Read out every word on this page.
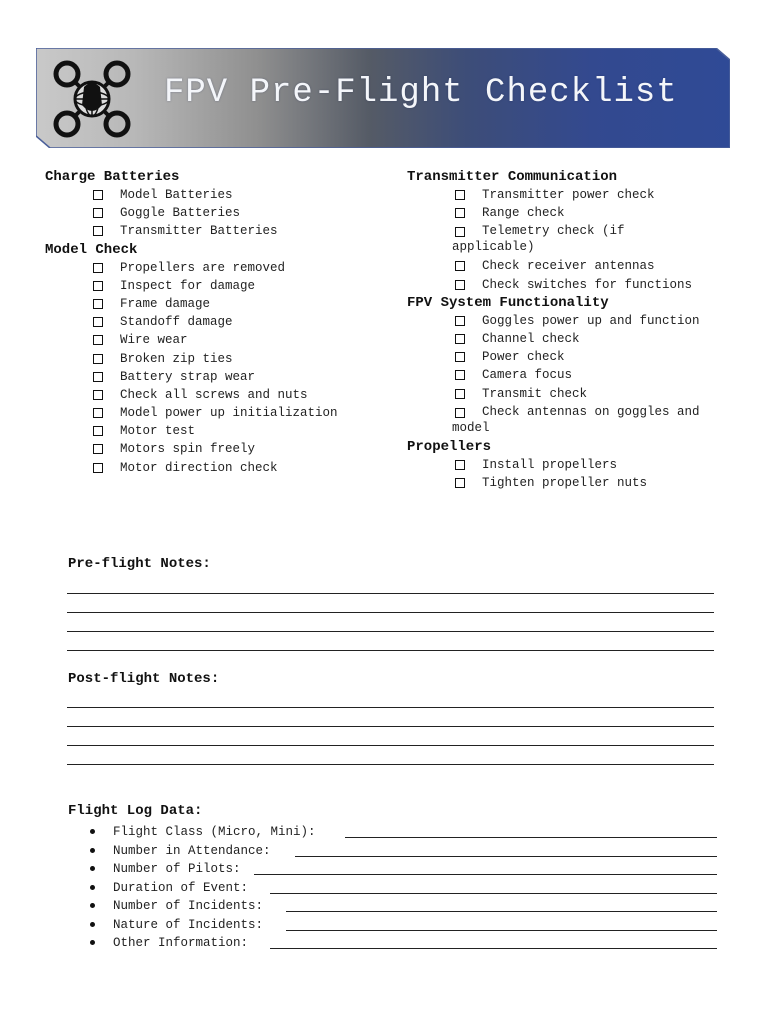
FPV Pre-Flight Checklist
Charge Batteries
Model Batteries
Goggle Batteries
Transmitter Batteries
Model Check
Propellers are removed
Inspect for damage
Frame damage
Standoff damage
Wire wear
Broken zip ties
Battery strap wear
Check all screws and nuts
Model power up initialization
Motor test
Motors spin freely
Motor direction check
Transmitter Communication
Transmitter power check
Range check
Telemetry check (if
applicable)
Check receiver antennas
Check switches for functions
FPV System Functionality
Goggles power up and function
Channel check
Power check
Camera focus
Transmit check
Check antennas on goggles and
model
Propellers
Install propellers
Tighten propeller nuts
Pre-flight Notes:
Post-flight Notes:
Flight Log Data:
Flight Class (Micro, Mini):
Number in Attendance:
Number of Pilots:
Duration of Event:
Number of Incidents:
Nature of Incidents:
Other Information:
